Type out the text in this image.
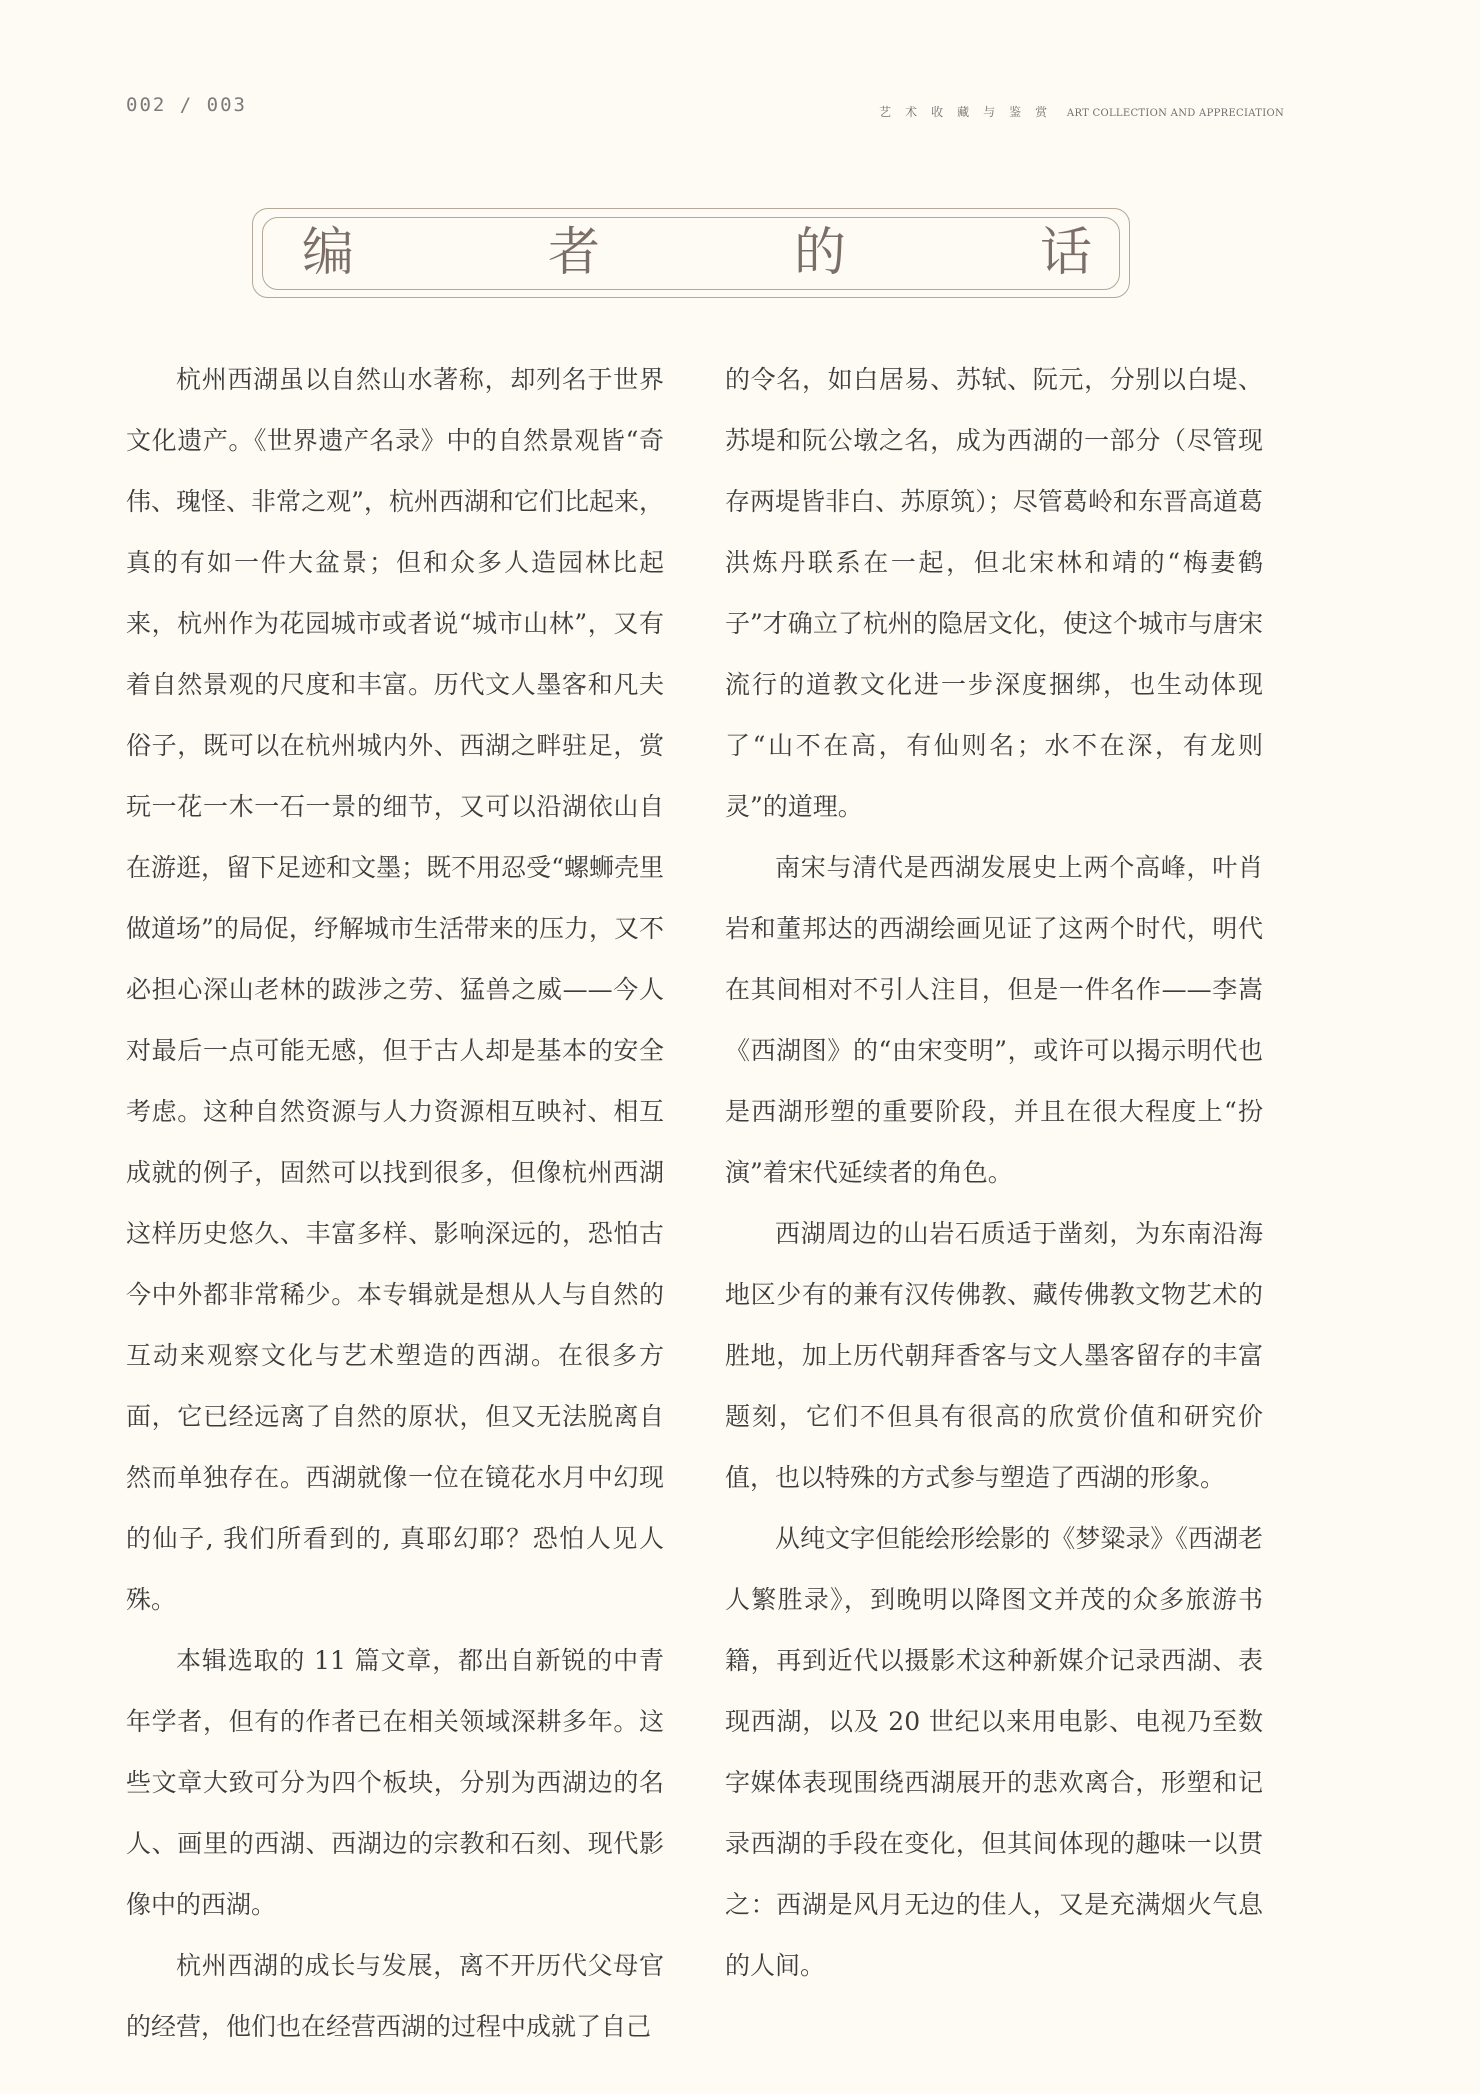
002 / 003	艺术收藏与鉴赏 ART COLLECTION AND APPRECIATION
编	者	的	话

杭州西湖虽以自然山水著称，却列名于世界文化遗产。《世界遗产名录》中的自然景观皆“奇伟、瑰怪、非常之观”，杭州西湖和它们比起来，真的有如一件大盆景；但和众多人造园林比起来，杭州作为花园城市或者说“城市山林”，又有着自然景观的尺度和丰富。历代文人墨客和凡夫俗子，既可以在杭州城内外、西湖之畔驻足，赏玩一花一木一石一景的细节，又可以沿湖依山自在游逛，留下足迹和文墨；既不用忍受“螺蛳壳里做道场”的局促，纾解城市生活带来的压力，又不必担心深山老林的跋涉之劳、猛兽之威——今人对最后一点可能无感，但于古人却是基本的安全考虑。这种自然资源与人力资源相互映衬、相互成就的例子，固然可以找到很多，但像杭州西湖这样历史悠久、丰富多样、影响深远的，恐怕古今中外都非常稀少。本专辑就是想从人与自然的互动来观察文化与艺术塑造的西湖。在很多方面，它已经远离了自然的原状，但又无法脱离自然而单独存在。西湖就像一位在镜花水月中幻现的仙子, 我们所看到的, 真耶幻耶？恐怕人见人殊。

本辑选取的 11 篇文章，都出自新锐的中青年学者，但有的作者已在相关领域深耕多年。这些文章大致可分为四个板块，分别为西湖边的名人、画里的西湖、西湖边的宗教和石刻、现代影像中的西湖。

杭州西湖的成长与发展，离不开历代父母官的经营，他们也在经营西湖的过程中成就了自己

的令名，如白居易、苏轼、阮元，分别以白堤、苏堤和阮公墩之名，成为西湖的一部分（尽管现存两堤皆非白、苏原筑）；尽管葛岭和东晋高道葛洪炼丹联系在一起，但北宋林和靖的“梅妻鹤子”才确立了杭州的隐居文化，使这个城市与唐宋流行的道教文化进一步深度捆绑，也生动体现了“山不在高，有仙则名；水不在深，有龙则灵”的道理。

南宋与清代是西湖发展史上两个高峰，叶肖岩和董邦达的西湖绘画见证了这两个时代，明代在其间相对不引人注目，但是一件名作——李嵩《西湖图》的“由宋变明”，或许可以揭示明代也是西湖形塑的重要阶段，并且在很大程度上“扮演”着宋代延续者的角色。

西湖周边的山岩石质适于凿刻，为东南沿海地区少有的兼有汉传佛教、藏传佛教文物艺术的胜地，加上历代朝拜香客与文人墨客留存的丰富题刻，它们不但具有很高的欣赏价值和研究价值，也以特殊的方式参与塑造了西湖的形象。

从纯文字但能绘形绘影的《梦粱录》《西湖老人繁胜录》，到晚明以降图文并茂的众多旅游书籍，再到近代以摄影术这种新媒介记录西湖、表现西湖，以及 20 世纪以来用电影、电视乃至数字媒体表现围绕西湖展开的悲欢离合，形塑和记录西湖的手段在变化，但其间体现的趣味一以贯之：西湖是风月无边的佳人，又是充满烟火气息的人间。
